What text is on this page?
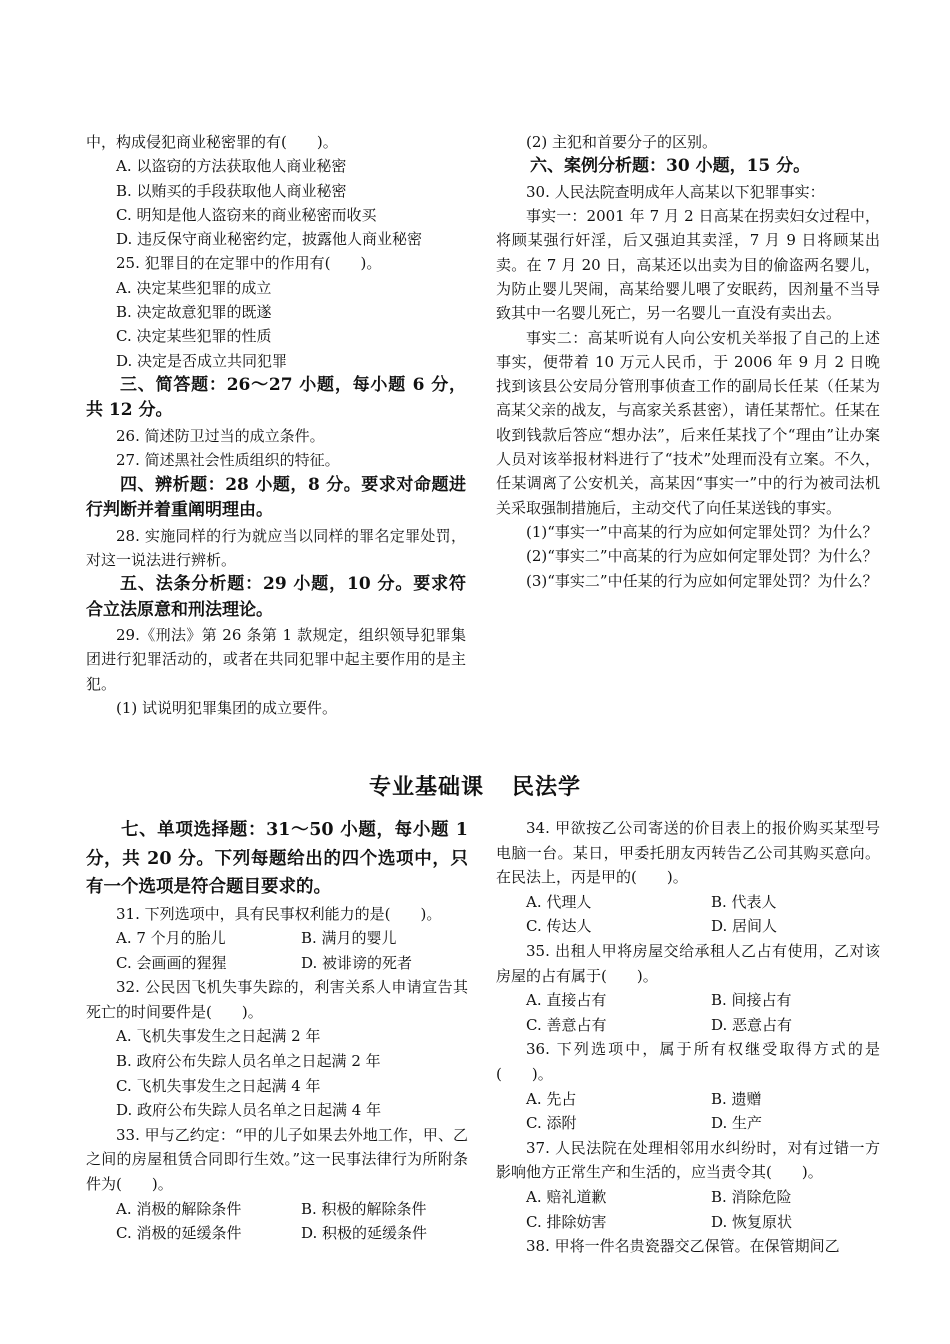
中，构成侵犯商业秘密罪的有(　　)。

A. 以盗窃的方法获取他人商业秘密

B. 以贿买的手段获取他人商业秘密

C. 明知是他人盗窃来的商业秘密而收买

D. 违反保守商业秘密约定，披露他人商业秘密

25. 犯罪目的在定罪中的作用有(　　)。

A. 决定某些犯罪的成立

B. 决定故意犯罪的既遂

C. 决定某些犯罪的性质

D. 决定是否成立共同犯罪

三、简答题：26～27 小题，每小题 6 分，共 12 分。

26. 简述防卫过当的成立条件。

27. 简述黑社会性质组织的特征。

四、辨析题：28 小题，8 分。要求对命题进行判断并着重阐明理由。

28. 实施同样的行为就应当以同样的罪名定罪处罚，对这一说法进行辨析。

五、法条分析题：29 小题，10 分。要求符合立法原意和刑法理论。

29.《刑法》第 26 条第 1 款规定，组织领导犯罪集团进行犯罪活动的，或者在共同犯罪中起主要作用的是主犯。

(1) 试说明犯罪集团的成立要件。

(2) 主犯和首要分子的区别。

六、案例分析题：30 小题，15 分。

30. 人民法院查明成年人高某以下犯罪事实：

事实一：2001 年 7 月 2 日高某在拐卖妇女过程中，将顾某强行奸淫，后又强迫其卖淫，7 月 9 日将顾某出卖。在 7 月 20 日，高某还以出卖为目的偷盗两名婴儿，为防止婴儿哭闹，高某给婴儿喂了安眠药，因剂量不当导致其中一名婴儿死亡，另一名婴儿一直没有卖出去。

事实二：高某听说有人向公安机关举报了自己的上述事实，便带着 10 万元人民币，于 2006 年 9 月 2 日晚找到该县公安局分管刑事侦查工作的副局长任某（任某为高某父亲的战友，与高家关系甚密），请任某帮忙。任某在收到钱款后答应“想办法”，后来任某找了个“理由”让办案人员对该举报材料进行了“技术”处理而没有立案。不久，任某调离了公安机关，高某因“事实一”中的行为被司法机关采取强制措施后，主动交代了向任某送钱的事实。

(1)“事实一”中高某的行为应如何定罪处罚？为什么？

(2)“事实二”中高某的行为应如何定罪处罚？为什么？

(3)“事实二”中任某的行为应如何定罪处罚？为什么？

专业基础课 民法学

七、单项选择题：31～50 小题，每小题 1 分，共 20 分。下列每题给出的四个选项中，只有一个选项是符合题目要求的。

31. 下列选项中，具有民事权利能力的是(　　)。

A. 7 个月的胎儿	B. 满月的婴儿

C. 会画画的猩猩	D. 被诽谤的死者

32. 公民因飞机失事失踪的，利害关系人申请宣告其死亡的时间要件是(　　)。

A. 飞机失事发生之日起满 2 年

B. 政府公布失踪人员名单之日起满 2 年

C. 飞机失事发生之日起满 4 年

D. 政府公布失踪人员名单之日起满 4 年

33. 甲与乙约定：“甲的儿子如果去外地工作，甲、乙之间的房屋租赁合同即行生效。”这一民事法律行为所附条件为(　　)。

A. 消极的解除条件	B. 积极的解除条件

C. 消极的延缓条件	D. 积极的延缓条件

34. 甲欲按乙公司寄送的价目表上的报价购买某型号电脑一台。某日，甲委托朋友丙转告乙公司其购买意向。在民法上，丙是甲的(　　)。

A. 代理人	B. 代表人

C. 传达人	D. 居间人

35. 出租人甲将房屋交给承租人乙占有使用，乙对该房屋的占有属于(　　)。

A. 直接占有	B. 间接占有

C. 善意占有	D. 恶意占有

36. 下列选项中，属于所有权继受取得方式的是(　　)。

A. 先占	B. 遗赠

C. 添附	D. 生产

37. 人民法院在处理相邻用水纠纷时，对有过错一方影响他方正常生产和生活的，应当责令其(　　)。

A. 赔礼道歉	B. 消除危险

C. 排除妨害	D. 恢复原状

38. 甲将一件名贵瓷器交乙保管。在保管期间乙
